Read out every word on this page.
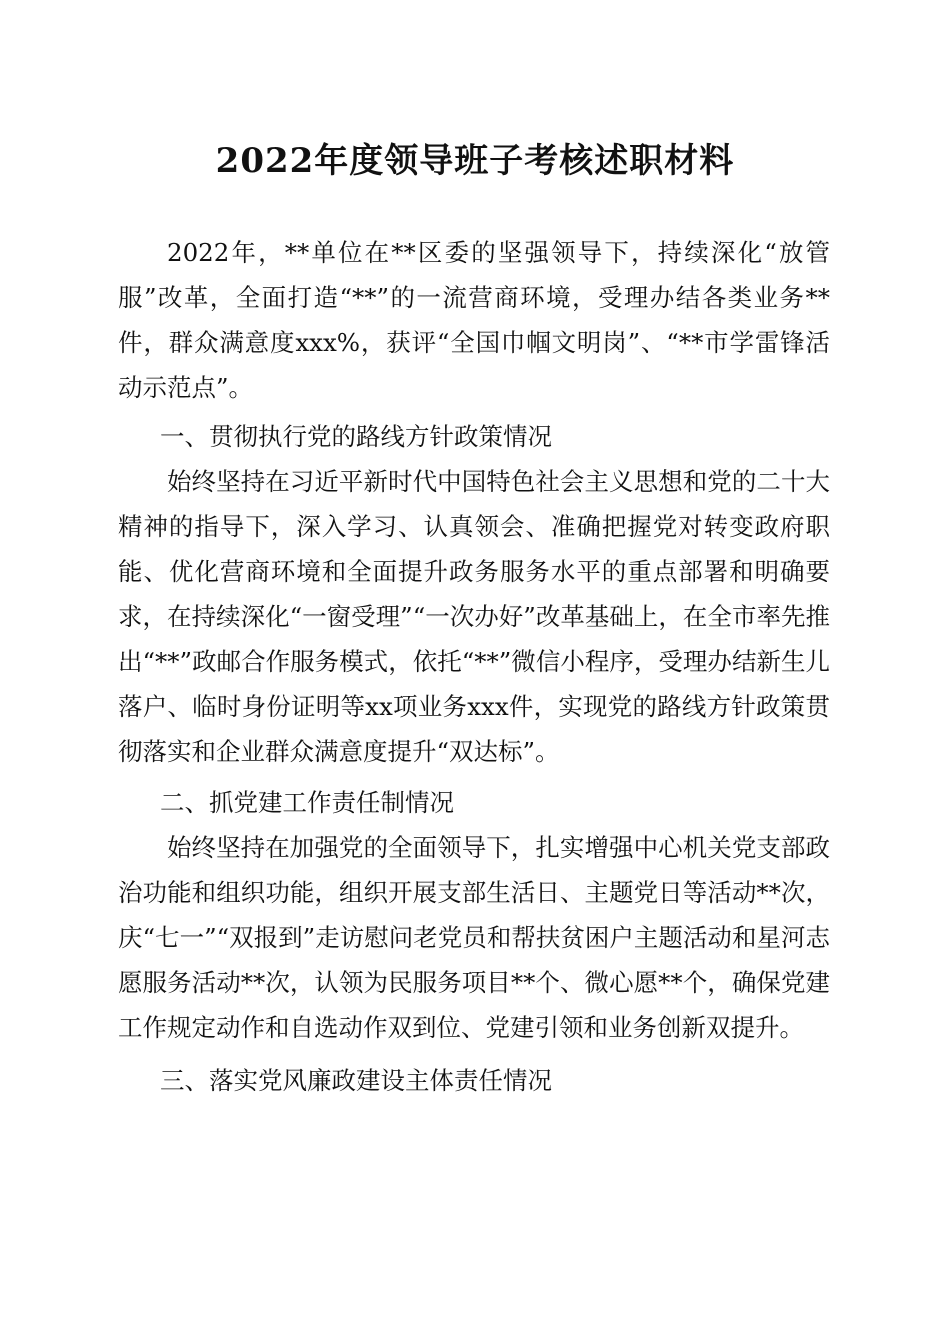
2022年度领导班子考核述职材料

2022年，**单位在**区委的坚强领导下，持续深化“放管服”改革，全面打造“**”的一流营商环境，受理办结各类业务**件，群众满意度xxx%，获评“全国巾帼文明岗”、“**市学雷锋活动示范点”。

一、贯彻执行党的路线方针政策情况

始终坚持在习近平新时代中国特色社会主义思想和党的二十大精神的指导下，深入学习、认真领会、准确把握党对转变政府职能、优化营商环境和全面提升政务服务水平的重点部署和明确要求，在持续深化“一窗受理”“一次办好”改革基础上，在全市率先推出“**”政邮合作服务模式，依托“**”微信小程序，受理办结新生儿落户、临时身份证明等xx项业务xxx件，实现党的路线方针政策贯彻落实和企业群众满意度提升“双达标”。

二、抓党建工作责任制情况

始终坚持在加强党的全面领导下，扎实增强中心机关党支部政治功能和组织功能，组织开展支部生活日、主题党日等活动**次，庆“七一”“双报到”走访慰问老党员和帮扶贫困户主题活动和星河志愿服务活动**次，认领为民服务项目**个、微心愿**个，确保党建工作规定动作和自选动作双到位、党建引领和业务创新双提升。

三、落实党风廉政建设主体责任情况
